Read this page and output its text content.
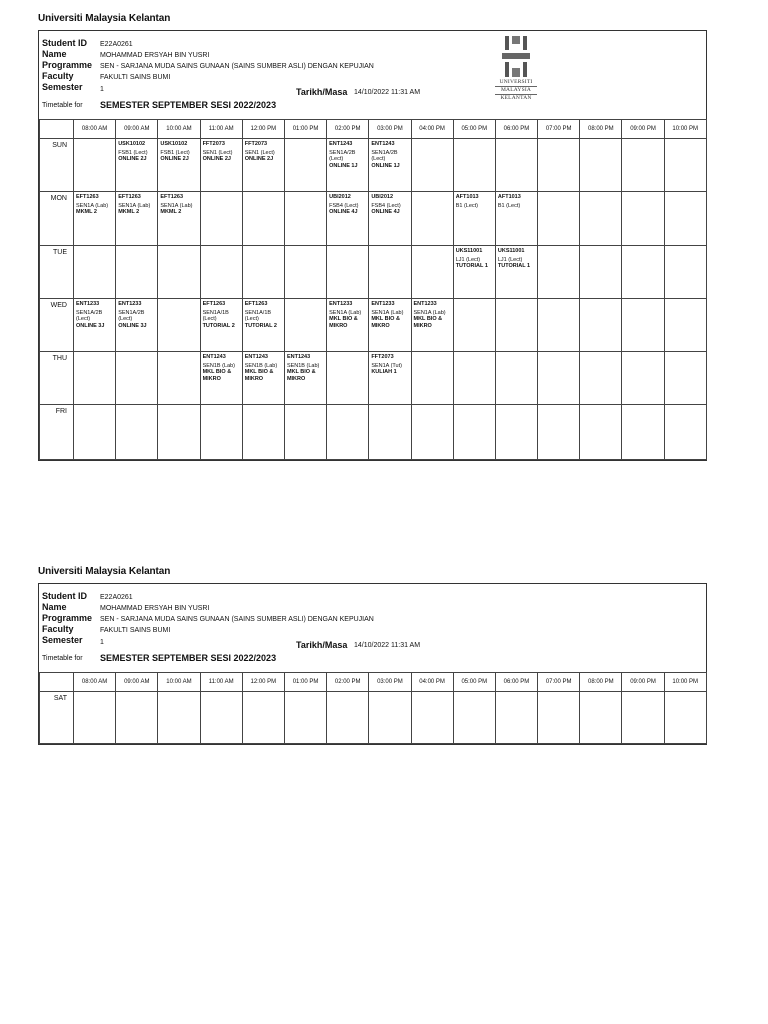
Universiti Malaysia Kelantan
Student ID E22A0261
Name	MOHAMMAD ERSYAH BIN YUSRI
Programme SEN - SARJANA MUDA SAINS GUNAAN (SAINS SUMBER ASLI) DENGAN KEPUJIAN
Faculty	FAKULTI SAINS BUMI
Semester 1	Tarikh/Masa 14/10/2022 11:31 AM
Timetable for SEMESTER SEPTEMBER SESI 2022/2023
UNIVERSITI
MALAYSIA
KELANTAN
	08:00 AM	09:00 AM	10:00 AM	11:00 AM	12:00 PM	01:00 PM	02:00 PM	03:00 PM	04:00 PM	05:00 PM	06:00 PM	07:00 PM	08:00 PM	09:00 PM	10:00 PM
SUN		USK10102
FSB1 (Lect)
ONLINE 2J	USK10102
FSB1 (Lect)
ONLINE 2J	FFT2073
SEN1 (Lect)
ONLINE 2J	FFT2073
SEN1 (Lect)
ONLINE 2J		ENT1243
SEN1A/2B (Lect)
ONLINE 1J	ENT1243
SEN1A/2B (Lect)
ONLINE 1J							

MON	EFT1263
SEN1A (Lab)
MKML 2	EFT1263
SEN1A (Lab)
MKML 2	EFT1263
SEN1A (Lab)
MKML 2				UBI2012
FSB4 (Lect)
ONLINE 4J	UBI2012
FSB4 (Lect)
ONLINE 4J		AFT1013
B1 (Lect)	AFT1013
B1 (Lect)				

TUE										UKS11001
LJ1 (Lect)
TUTORIAL 1	UKS11001
LJ1 (Lect)
TUTORIAL 1				

WED	ENT1233
SEN1A/2B (Lect)
ONLINE 3J	ENT1233
SEN1A/2B (Lect)
ONLINE 3J		EFT1263
SEN1A/1B (Lect)
TUTORIAL 2	EFT1263
SEN1A/1B (Lect)
TUTORIAL 2		ENT1233
SEN1A (Lab)
MKL BIO & MIKRO	ENT1233
SEN1A (Lab)
MKL BIO & MIKRO	ENT1233
SEN1A (Lab)
MKL BIO & MIKRO						

THU				ENT1243
SEN1B (Lab)
MKL BIO & MIKRO	ENT1243
SEN1B (Lab)
MKL BIO & MIKRO	ENT1243
SEN1B (Lab)
MKL BIO & MIKRO		FFT2073
SEN1A (Tut)
KULIAH 1							

FRI															
Universiti Malaysia Kelantan
Student ID E22A0261
Name	MOHAMMAD ERSYAH BIN YUSRI
Programme SEN - SARJANA MUDA SAINS GUNAAN (SAINS SUMBER ASLI) DENGAN KEPUJIAN
Faculty	FAKULTI SAINS BUMI
Semester 1	Tarikh/Masa 14/10/2022 11:31 AM
Timetable for SEMESTER SEPTEMBER SESI 2022/2023
	08:00 AM	09:00 AM	10:00 AM	11:00 AM	12:00 PM	01:00 PM	02:00 PM	03:00 PM	04:00 PM	05:00 PM	06:00 PM	07:00 PM	08:00 PM	09:00 PM	10:00 PM
SAT															
